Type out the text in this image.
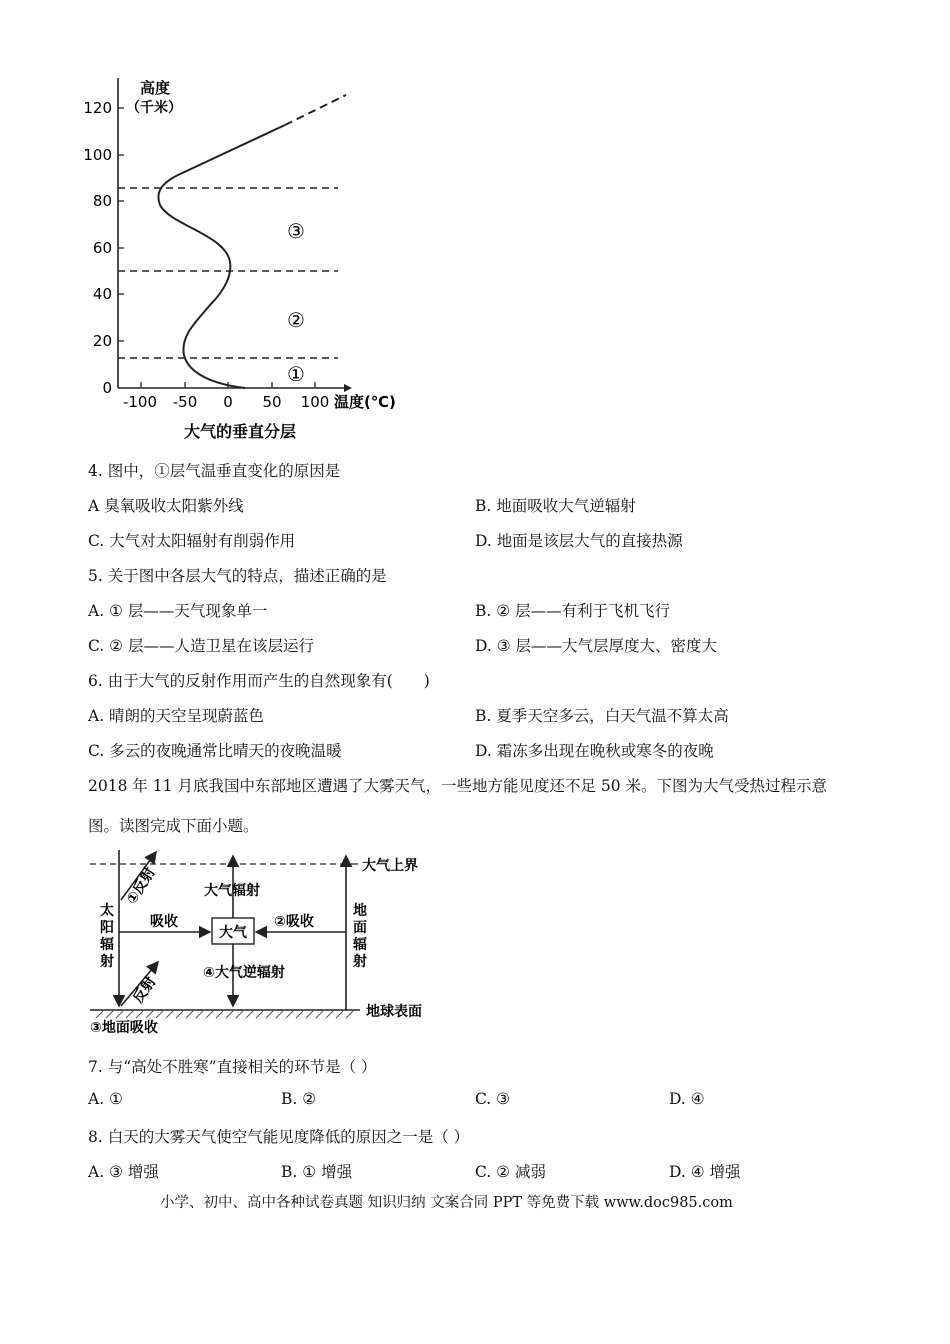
高度
（千米）
120
100
80
60
40
20
0
-100 -50 0 50 100 温度(℃)
③
②
①
大气的垂直分层
4. 图中，①层气温垂直变化的原因是
A 臭氧吸收太阳紫外线	B. 地面吸收大气逆辐射
C. 大气对太阳辐射有削弱作用	D. 地面是该层大气的直接热源
5. 关于图中各层大气的特点，描述正确的是
A. ① 层——天气现象单一	B. ② 层——有利于飞机飞行
C. ② 层——人造卫星在该层运行	D. ③ 层——大气层厚度大、密度大
6. 由于大气的反射作用而产生的自然现象有(　　)
A. 晴朗的天空呈现蔚蓝色	B. 夏季天空多云，白天气温不算太高
C. 多云的夜晚通常比晴天的夜晚温暖	D. 霜冻多出现在晚秋或寒冬的夜晚
2018 年 11 月底我国中东部地区遭遇了大雾天气，一些地方能见度还不足 50 米。下图为大气受热过程示意
图。读图完成下面小题。
大气上界
地球表面
太
阳
辐
射
①反射
反射
吸收
大气
大气辐射
④大气逆辐射
地
面
辐
射
②吸收
③地面吸收
7. 与“高处不胜寒”直接相关的环节是（ ）
A. ①	B. ②	C. ③	D. ④
8. 白天的大雾天气使空气能见度降低的原因之一是（ ）
A. ③ 增强	B. ① 增强	C. ② 减弱	D. ④ 增强
小学、初中、高中各种试卷真题 知识归纳 文案合同 PPT 等免费下载 www.doc985.com
